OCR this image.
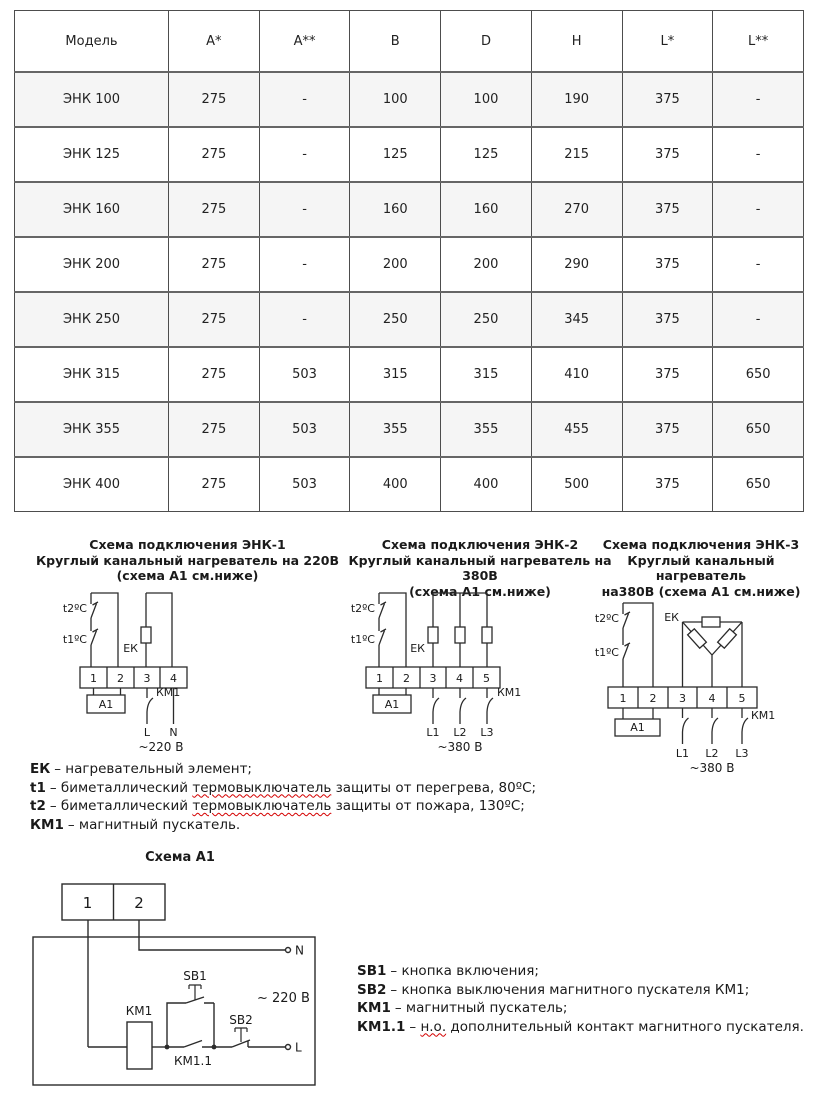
Модель	A*	A**	B	D	H	L*	L**
ЭНК 100	275	-	100	100	190	375	-
ЭНК 125	275	-	125	125	215	375	-
ЭНК 160	275	-	160	160	270	375	-
ЭНК 200	275	-	200	200	290	375	-
ЭНК 250	275	-	250	250	345	375	-
ЭНК 315	275	503	315	315	410	375	650
ЭНК 355	275	503	355	355	455	375	650
ЭНК 400	275	503	400	400	500	375	650
Схема подключения ЭНК-1
Круглый канальный нагреватель на 220В
(схема А1 см.ниже)
Схема подключения ЭНК-2
Круглый канальный нагреватель на 380В
(схема А1 см.ниже)
Схема подключения ЭНК-3
Круглый канальный нагреватель
на380В (схема А1 см.ниже)
t2ºС
t1ºС
ЕК
1 2 3 4
А1
КМ1
L N
~220 В
t2ºС
t1ºС
ЕК
1 2 3 4 5
А1
КМ1
L1 L2 L3
~380 В
t2ºС
t1ºС
ЕК
1 2 3 4 5
А1
КМ1
L1 L2 L3
~380 В
ЕК – нагревательный элемент;
t1 – биметаллический термовыключатель защиты от перегрева, 80ºС;
t2 – биметаллический термовыключатель защиты от пожара, 130ºС;
КМ1 – магнитный пускатель.
Схема А1
1	2
N
L
КМ1
SB1
SB2
КМ1.1
~ 220 В
SB1 – кнопка включения;
SB2 – кнопка выключения магнитного пускателя КМ1;
КМ1 – магнитный пускатель;
КМ1.1 – н.о. дополнительный контакт магнитного пускателя.
